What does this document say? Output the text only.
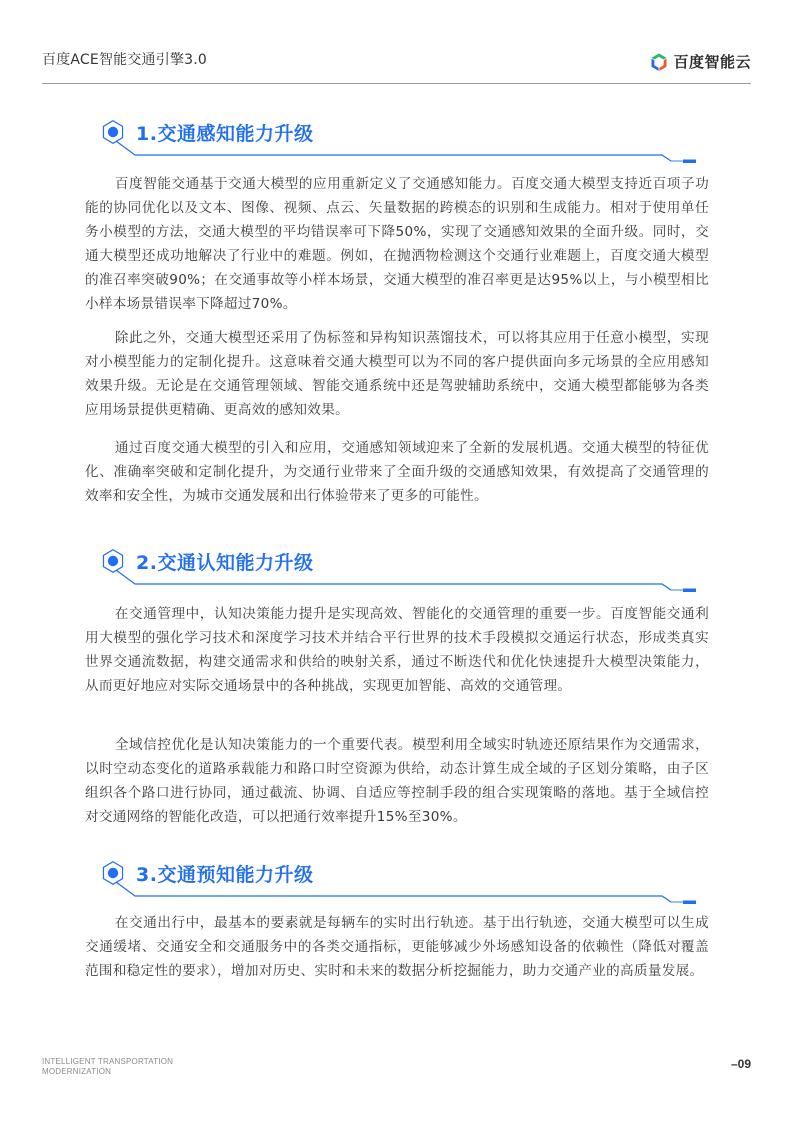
百度ACE智能交通引擎3.0	百度智能云
1.交通感知能力升级

百度智能交通基于交通大模型的应用重新定义了交通感知能力。百度交通大模型支持近百项子功能的协同优化以及文本、图像、视频、点云、矢量数据的跨模态的识别和生成能力。相对于使用单任务小模型的方法，交通大模型的平均错误率可下降50%，实现了交通感知效果的全面升级。同时，交通大模型还成功地解决了行业中的难题。例如，在抛洒物检测这个交通行业难题上，百度交通大模型的准召率突破90%；在交通事故等小样本场景，交通大模型的准召率更是达95%以上，与小模型相比小样本场景错误率下降超过70%。

除此之外，交通大模型还采用了伪标签和异构知识蒸馏技术，可以将其应用于任意小模型，实现对小模型能力的定制化提升。这意味着交通大模型可以为不同的客户提供面向多元场景的全应用感知效果升级。无论是在交通管理领域、智能交通系统中还是驾驶辅助系统中，交通大模型都能够为各类应用场景提供更精确、更高效的感知效果。

通过百度交通大模型的引入和应用，交通感知领域迎来了全新的发展机遇。交通大模型的特征优化、准确率突破和定制化提升，为交通行业带来了全面升级的交通感知效果，有效提高了交通管理的效率和安全性，为城市交通发展和出行体验带来了更多的可能性。

2.交通认知能力升级

在交通管理中，认知决策能力提升是实现高效、智能化的交通管理的重要一步。百度智能交通利用大模型的强化学习技术和深度学习技术并结合平行世界的技术手段模拟交通运行状态，形成类真实世界交通流数据，构建交通需求和供给的映射关系，通过不断迭代和优化快速提升大模型决策能力，从而更好地应对实际交通场景中的各种挑战，实现更加智能、高效的交通管理。

全域信控优化是认知决策能力的一个重要代表。模型利用全域实时轨迹还原结果作为交通需求，以时空动态变化的道路承载能力和路口时空资源为供给，动态计算生成全域的子区划分策略，由子区组织各个路口进行协同，通过截流、协调、自适应等控制手段的组合实现策略的落地。基于全域信控对交通网络的智能化改造，可以把通行效率提升15%至30%。

3.交通预知能力升级

在交通出行中，最基本的要素就是每辆车的实时出行轨迹。基于出行轨迹，交通大模型可以生成交通缓堵、交通安全和交通服务中的各类交通指标，更能够减少外场感知设备的依赖性（降低对覆盖范围和稳定性的要求），增加对历史、实时和未来的数据分析挖掘能力，助力交通产业的高质量发展。

INTELLIGENT TRANSPORTATION
MODERNIZATION
–09
